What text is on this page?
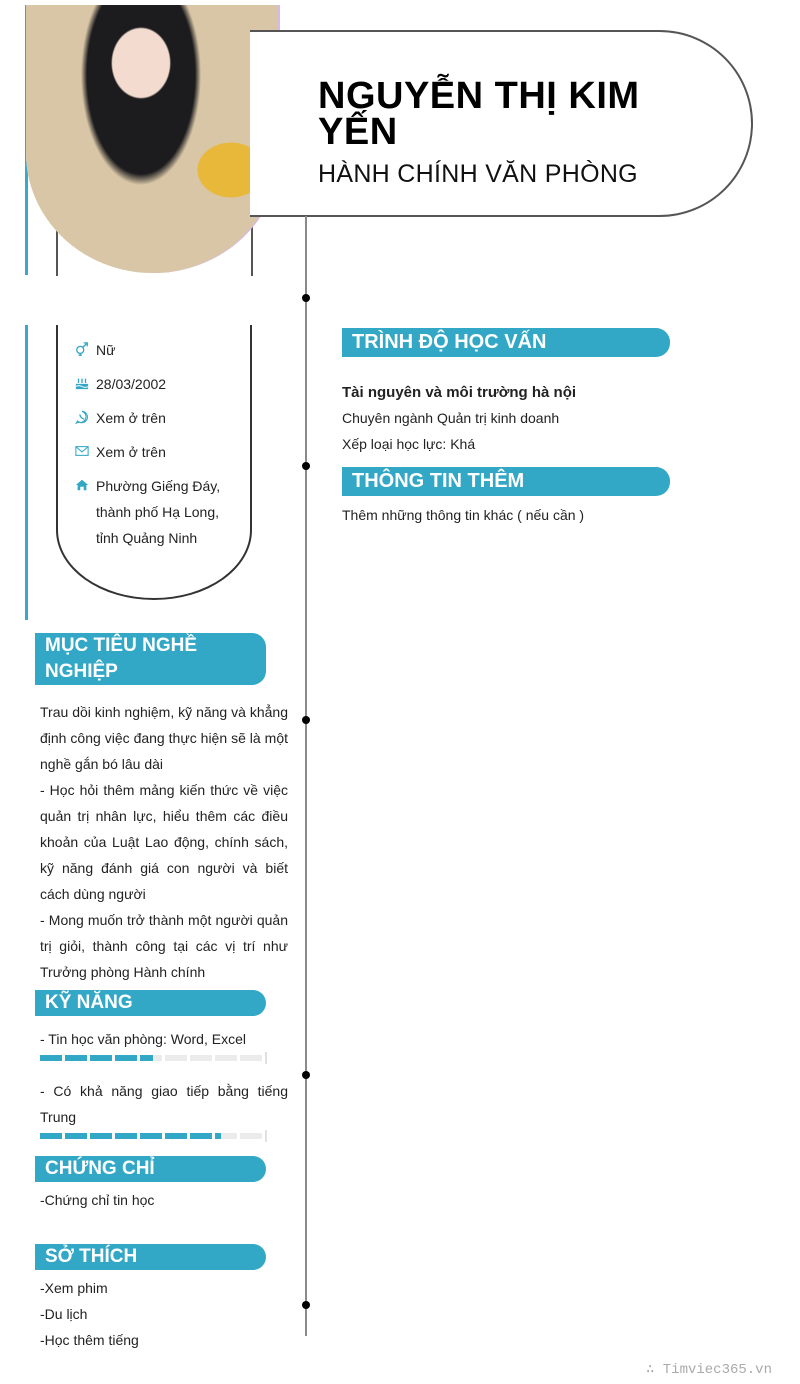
NGUYỄN THỊ KIM YẾN
HÀNH CHÍNH VĂN PHÒNG
Nữ
28/03/2002
Xem ở trên
Xem ở trên
Phường Giếng Đáy, thành phố Hạ Long, tỉnh Quảng Ninh
MỤC TIÊU NGHỀ NGHIỆP
Trau dồi kinh nghiệm, kỹ năng và khẳng định công việc đang thực hiện sẽ là một nghề gắn bó lâu dài
- Học hỏi thêm mảng kiến thức về việc quản trị nhân lực, hiểu thêm các điều khoản của Luật Lao động, chính sách, kỹ năng đánh giá con người và biết cách dùng người
- Mong muốn trở thành một người quản trị giỏi, thành công tại các vị trí như Trưởng phòng Hành chính
KỸ NĂNG
- Tin học văn phòng: Word, Excel
- Có khả năng giao tiếp bằng tiếng Trung
CHỨNG CHỈ
-Chứng chỉ tin học
SỞ THÍCH
-Xem phim
-Du lịch
-Học thêm tiếng
TRÌNH ĐỘ HỌC VẤN
Tài nguyên và môi trường hà nội
Chuyên ngành Quản trị kinh doanh
Xếp loại học lực: Khá
THÔNG TIN THÊM
Thêm những thông tin khác ( nếu cần )
∴ Timviec365.vn
